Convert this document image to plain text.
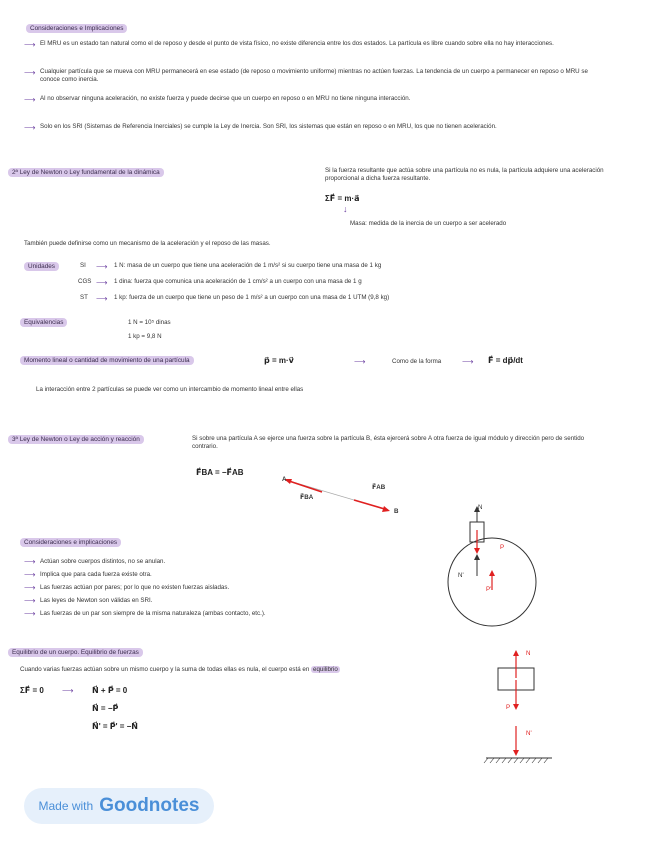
Consideraciones e Implicaciones
⟶ El MRU es un estado tan natural como el de reposo y desde el punto de vista físico, no existe diferencia entre los dos estados. La partícula es libre cuando sobre ella no hay interacciones.
⟶ Cualquier partícula que se mueva con MRU permanecerá en ese estado (de reposo o movimiento uniforme) mientras no actúen fuerzas. La tendencia de un cuerpo a permanecer en reposo o MRU se conoce como inercia.
⟶ Al no observar ninguna aceleración, no existe fuerza y puede decirse que un cuerpo en reposo o en MRU no tiene ninguna interacción.
⟶ Solo en los SRI (Sistemas de Referencia Inerciales) se cumple la Ley de Inercia. Son SRI, los sistemas que están en reposo o en MRU, los que no tienen aceleración.
2ª Ley de Newton o Ley fundamental de la dinámica	Si la fuerza resultante que actúa sobre una partícula no es nula, la partícula adquiere una aceleración proporcional a dicha fuerza resultante.
ΣF⃗ = m·a⃗
↓
Masa: medida de la inercia de un cuerpo a ser acelerado
También puede definirse como un mecanismo de la aceleración y el reposo de las masas.
Unidades	SI ⟶ 1 N: masa de un cuerpo que tiene una aceleración de 1 m/s² si su cuerpo tiene una masa de 1 kg
CGS ⟶ 1 dina: fuerza que comunica una aceleración de 1 cm/s² a un cuerpo con una masa de 1 g
ST ⟶ 1 kp: fuerza de un cuerpo que tiene un peso de 1 m/s² a un cuerpo con una masa de 1 UTM (9,8 kg)
Equivalencias	1 N = 10⁵ dinas
1 kp = 9,8 N
Momento lineal o cantidad de movimiento de una partícula	p⃗ = m·v⃗	⟶	Como de la forma	⟶ F⃗ = dp⃗/dt
La interacción entre 2 partículas se puede ver como un intercambio de momento lineal entre ellas
3ª Ley de Newton o Ley de acción y reacción	Si sobre una partícula A se ejerce una fuerza sobre la partícula B, ésta ejercerá sobre A otra fuerza de igual módulo y dirección pero de sentido contrario.
F⃗BA = −F⃗AB
A
B
F⃗AB
F⃗BA
Consideraciones e implicaciones
⟶ Actúan sobre cuerpos distintos, no se anulan.
⟶ Implica que para cada fuerza existe otra.
⟶ Las fuerzas actúan por pares; por lo que no existen fuerzas aisladas.
⟶ Las leyes de Newton son válidas en SRI.
⟶ Las fuerzas de un par son siempre de la misma naturaleza (ambas contacto, etc.).
N
P
N'
P'
Equilibrio de un cuerpo. Equilibrio de fuerzas
Cuando varias fuerzas actúan sobre un mismo cuerpo y la suma de todas ellas es nula, el cuerpo está en equilibrio
ΣF⃗ = 0 ⟶ N⃗ + P⃗ = 0
N⃗ = −P⃗
N⃗' = P⃗' = −N⃗
N
P
N'
Made with Goodnotes
